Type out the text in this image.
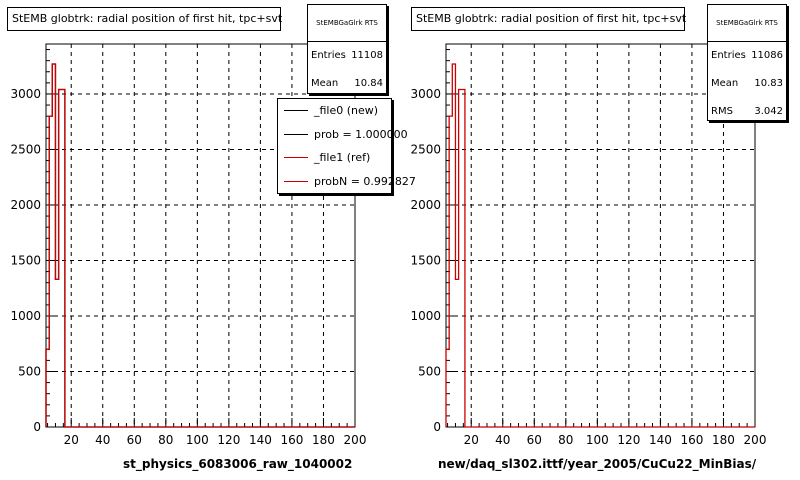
20 40 60 80 100 120 140 160 180 200
0
500
1000
1500
2000
2500
3000
StEMB globtrk: radial position of first hit, tpc+svt	StEMBGaGlrk RTS
Entries 11108
Mean 10.84
_file0 (new)
prob = 1.000000
_file1 (ref)
probN = 0.992827
st_physics_6083006_raw_1040002
20 40 60 80 100 120 140 160 180 200
0
500
1000
1500
2000
2500
3000
StEMB globtrk: radial position of first hit, tpc+svt	StEMBGaGlrk RTS
Entries 11086
Mean 10.83
RMS 3.042
new/daq_sl302.ittf/year_2005/CuCu22_MinBias/
